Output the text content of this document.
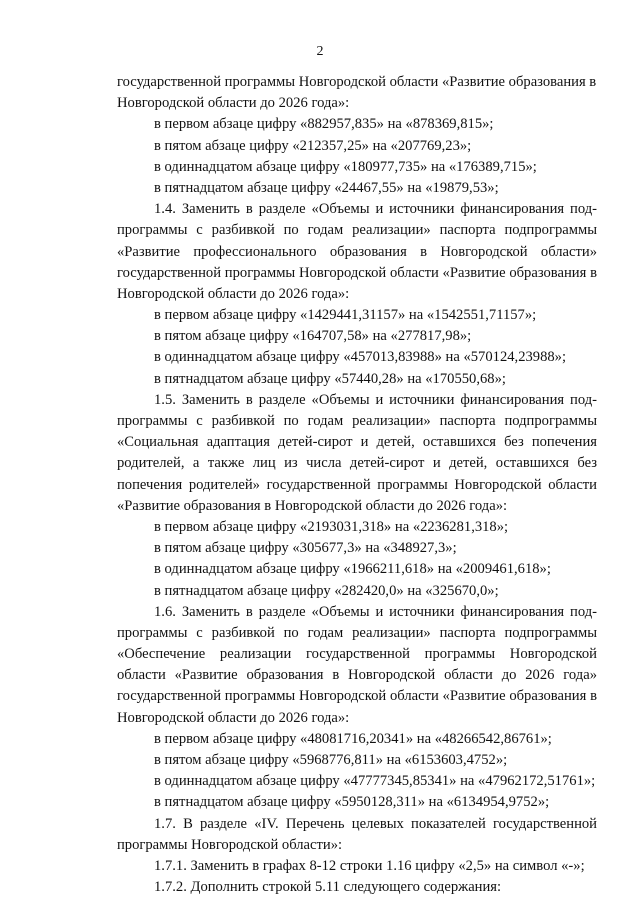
2
государственной программы Новгородской области «Развитие образования в
Новгородской области до 2026 года»:
в первом абзаце цифру «882957,835» на «878369,815»;
в пятом абзаце цифру «212357,25» на «207769,23»;
в одиннадцатом абзаце цифру «180977,735» на «176389,715»;
в пятнадцатом абзаце цифру «24467,55» на «19879,53»;
1.4. Заменить в разделе «Объемы и источники финансирования под-
программы с разбивкой по годам реализации» паспорта подпрограммы
«Развитие профессионального образования в Новгородской области»
государственной программы Новгородской области «Развитие образования в
Новгородской области до 2026 года»:
в первом абзаце цифру «1429441,31157» на «1542551,71157»;
в пятом абзаце цифру «164707,58» на «277817,98»;
в одиннадцатом абзаце цифру «457013,83988» на «570124,23988»;
в пятнадцатом абзаце цифру «57440,28» на «170550,68»;
1.5. Заменить в разделе «Объемы и источники финансирования под-
программы с разбивкой по годам реализации» паспорта подпрограммы
«Социальная адаптация детей-сирот и детей, оставшихся без попечения
родителей, а также лиц из числа детей-сирот и детей, оставшихся без
попечения родителей» государственной программы Новгородской области
«Развитие образования в Новгородской области до 2026 года»:
в первом абзаце цифру «2193031,318» на «2236281,318»;
в пятом абзаце цифру «305677,3» на «348927,3»;
в одиннадцатом абзаце цифру «1966211,618» на «2009461,618»;
в пятнадцатом абзаце цифру «282420,0» на «325670,0»;
1.6. Заменить в разделе «Объемы и источники финансирования под-
программы с разбивкой по годам реализации» паспорта подпрограммы
«Обеспечение реализации государственной программы Новгородской
области «Развитие образования в Новгородской области до 2026 года»
государственной программы Новгородской области «Развитие образования в
Новгородской области до 2026 года»:
в первом абзаце цифру «48081716,20341» на «48266542,86761»;
в пятом абзаце цифру «5968776,811» на «6153603,4752»;
в одиннадцатом абзаце цифру «47777345,85341» на «47962172,51761»;
в пятнадцатом абзаце цифру «5950128,311» на «6134954,9752»;
1.7. В разделе «IV. Перечень целевых показателей государственной
программы Новгородской области»:
1.7.1. Заменить в графах 8-12 строки 1.16 цифру «2,5» на символ «-»;
1.7.2. Дополнить строкой 5.11 следующего содержания:
